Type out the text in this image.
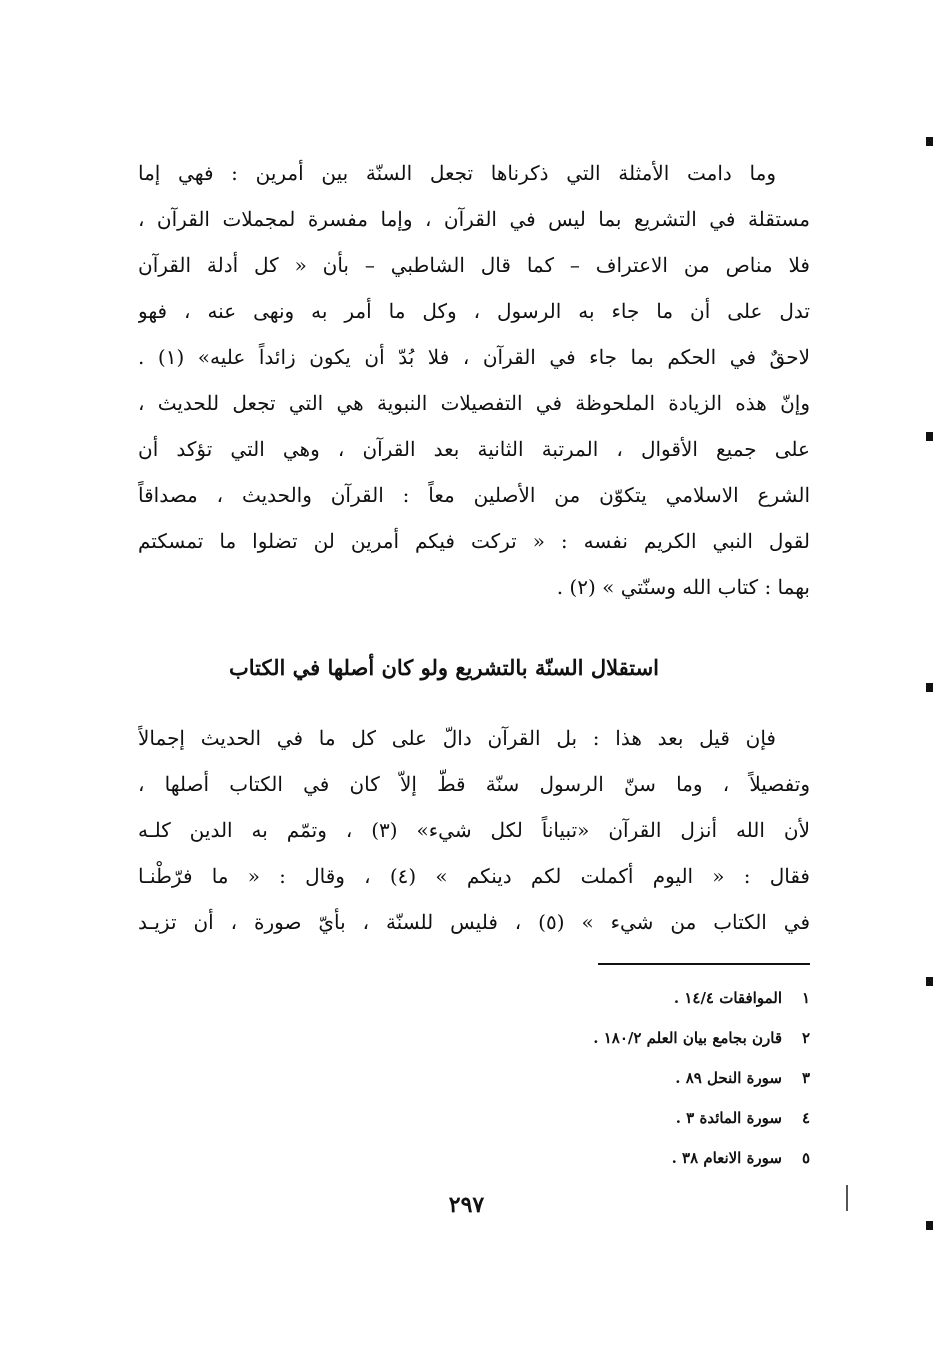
وما دامت الأمثلة التي ذكرناها تجعل السنّة بين أمرين : فهي إما
مستقلة في التشريع بما ليس في القرآن ، وإما مفسرة لمجملات القرآن ،
فلا مناص من الاعتراف – كما قال الشاطبي – بأن « كل أدلة القرآن
تدل على أن ما جاء به الرسول ، وكل ما أمر به ونهى عنه ، فهو
لاحقٌ في الحكم بما جاء في القرآن ، فلا بُدّ أن يكون زائداً عليه» (١) .
وإنّ هذه الزيادة الملحوظة في التفصيلات النبوية هي التي تجعل للحديث ،
على جميع الأقوال ، المرتبة الثانية بعد القرآن ، وهي التي تؤكد أن
الشرع الاسلامي يتكوّن من الأصلين معاً : القرآن والحديث ، مصداقاً
لقول النبي الكريم نفسه : « تركت فيكم أمرين لن تضلوا ما تمسكتم
بهما : كتاب الله وسنّتي » (٢) .
استقلال السنّة بالتشريع ولو كان أصلها في الكتاب
فإن قيل بعد هذا : بل القرآن دالّ على كل ما في الحديث إجمالاً
وتفصيلاً ، وما سنّ الرسول سنّة قطّ إلاّ كان في الكتاب أصلها ،
لأن الله أنزل القرآن «تبياناً لكل شيء» (٣) ، وتمّم به الدين كلـه
فقال : « اليوم أكملت لكم دينكم » (٤) ، وقال : « ما فرّطْنـا
في الكتاب من شيء » (٥) ، فليس للسنّة ، بأيّ صورة ، أن تزيـد
١الموافقات ١٤/٤ .
٢قارن بجامع بيان العلم ١٨٠/٢ .
٣سورة النحل ٨٩ .
٤سورة المائدة ٣ .
٥سورة الانعام ٣٨ .
٢٩٧
